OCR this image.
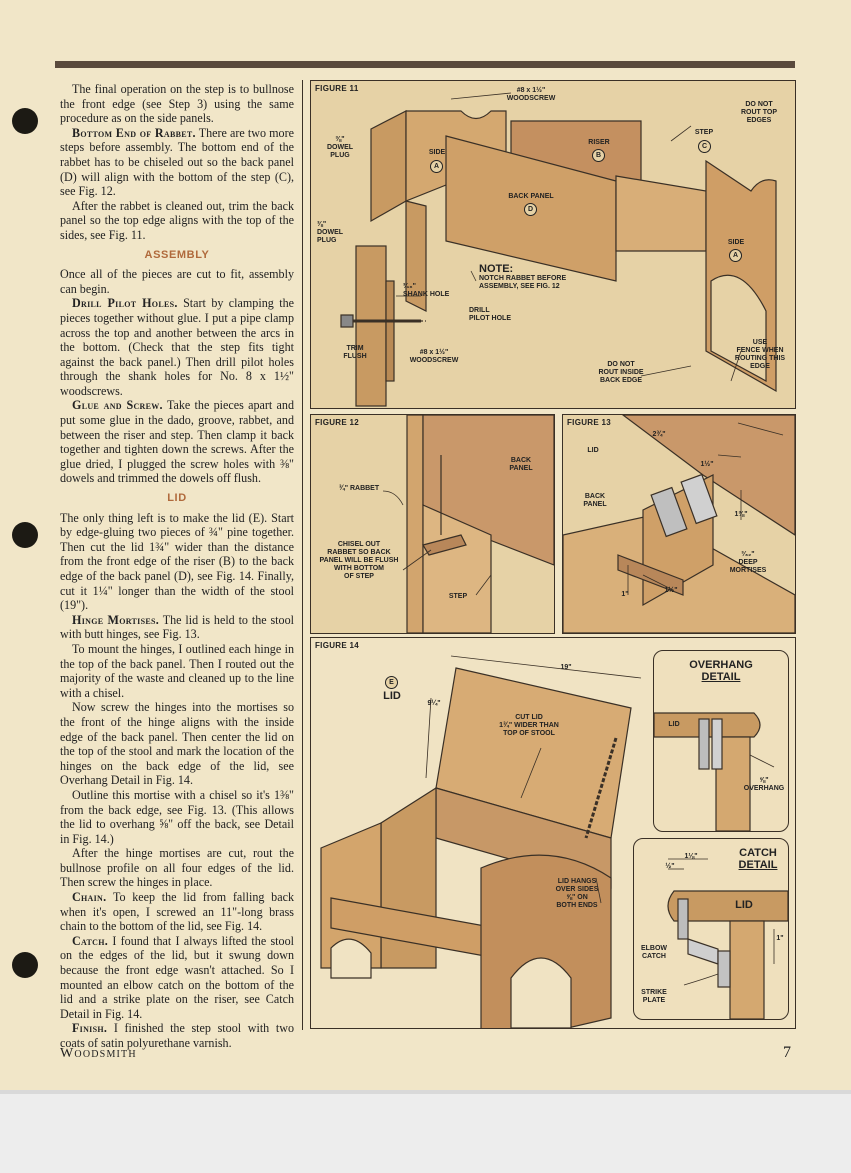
The final operation on the step is to bullnose the front edge (see Step 3) using the same procedure as on the side panels.

Bottom End of Rabbet. There are two more steps before assembly. The bottom end of the rabbet has to be chiseled out so the back panel (D) will align with the bottom of the step (C), see Fig. 12.

After the rabbet is cleaned out, trim the back panel so the top edge aligns with the top of the sides, see Fig. 11.

ASSEMBLY

Once all of the pieces are cut to fit, assembly can begin.

Drill Pilot Holes. Start by clamping the pieces together without glue. I put a pipe clamp across the top and another between the arcs in the bottom. (Check that the step fits tight against the back panel.) Then drill pilot holes through the shank holes for No. 8 x 1½" woodscrews.

Glue and Screw. Take the pieces apart and put some glue in the dado, groove, rabbet, and between the riser and step. Then clamp it back together and tighten down the screws. After the glue dried, I plugged the screw holes with ⅜" dowels and trimmed the dowels off flush.

LID

The only thing left is to make the lid (E). Start by edge-gluing two pieces of ¾" pine together. Then cut the lid 1¾" wider than the distance from the front edge of the riser (B) to the back edge of the back panel (D), see Fig. 14. Finally, cut it 1¼" longer than the width of the stool (19").

Hinge Mortises. The lid is held to the stool with butt hinges, see Fig. 13.

To mount the hinges, I outlined each hinge in the top of the back panel. Then I routed out the majority of the waste and cleaned up to the line with a chisel.

Now screw the hinges into the mortises so the front of the hinge aligns with the inside edge of the back panel. Then center the lid on the top of the stool and mark the location of the hinges on the back edge of the lid, see Overhang Detail in Fig. 14.

Outline this mortise with a chisel so it's 1⅜" from the back edge, see Fig. 13. (This allows the lid to overhang ⅝" off the back, see Detail in Fig. 14.)

After the hinge mortises are cut, rout the bullnose profile on all four edges of the lid. Then screw the hinges in place.

Chain. To keep the lid from falling back when it's open, I screwed an 11"-long brass chain to the bottom of the lid, see Fig. 14.

Catch. I found that I always lifted the stool on the edges of the lid, but it swung down because the front edge wasn't attached. So I mounted an elbow catch on the bottom of the lid and a strike plate on the riser, see Catch Detail in Fig. 14.

Finish. I finished the step stool with two coats of satin polyurethane varnish.

FIGURE 11	#8 x 1½"
WOODSCREW
DO NOT
ROUT TOP
EDGES
⅜"
DOWEL
PLUG	SIDE
A
RISER
B
STEP
C
BACK PANEL
D
SIDE
A
⅜"
DOWEL
PLUG
NOTE:
NOTCH RABBET BEFORE
ASSEMBLY, SEE FIG. 12
³⁄₁₆"
SHANK HOLE
DRILL
PILOT HOLE
TRIM
FLUSH
#8 x 1½"
WOODSCREW
DO NOT
ROUT INSIDE
BACK EDGE
USE
FENCE WHEN
ROUTING THIS
EDGE
FIGURE 12
BACK
PANEL
¾" RABBET
CHISEL OUT
RABBET SO BACK
PANEL WILL BE FLUSH
WITH BOTTOM
OF STEP
STEP
FIGURE 13
LID
2¾"
1½"
BACK
PANEL
1⅜"
³⁄₃₂"
DEEP
MORTISES
1"
1½"
FIGURE 14
E
LID
19"
9¼"
CUT LID
1¾" WIDER THAN
TOP OF STOOL
LID HANGS
OVER SIDES
⅝" ON
BOTH ENDS
OVERHANG
DETAIL
LID
⅝"
OVERHANG
CATCH
DETAIL
1⅛"
½"
LID
1"
ELBOW
CATCH
STRIKE
PLATE
Woodsmith	7
